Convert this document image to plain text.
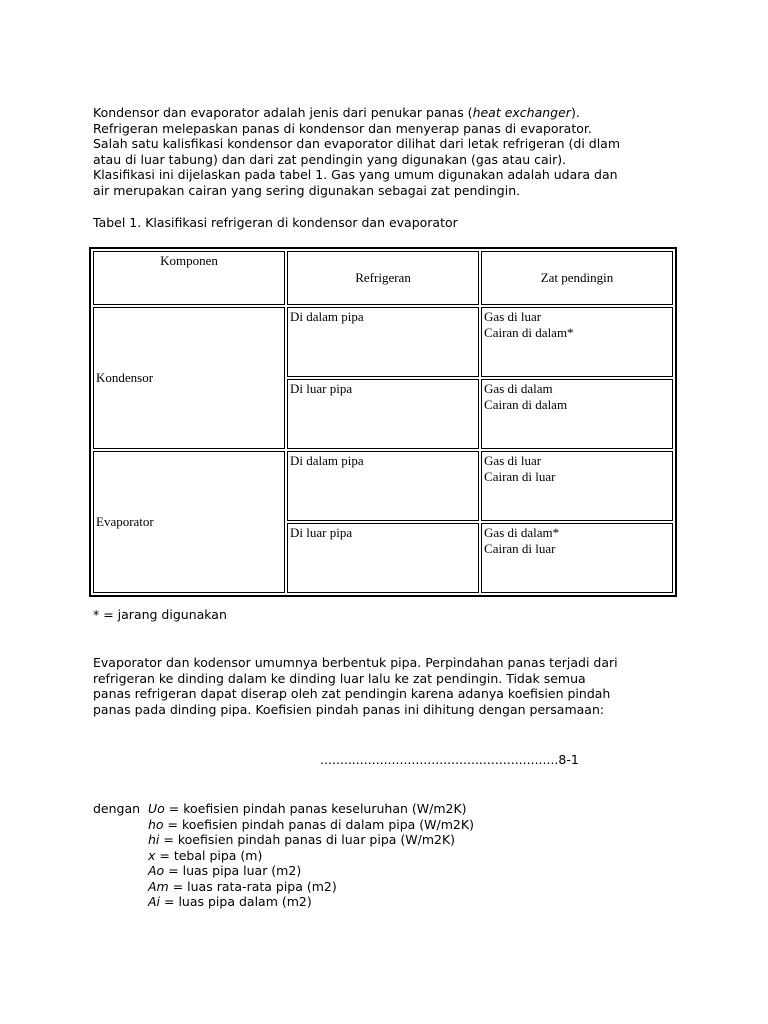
Kondensor dan evaporator adalah jenis dari penukar panas (heat exchanger).
Refrigeran melepaskan panas di kondensor dan menyerap panas di evaporator.
Salah satu kalisfikasi kondensor dan evaporator dilihat dari letak refrigeran (di dlam
atau di luar tabung) dan dari zat pendingin yang digunakan (gas atau cair).
Klasifikasi ini dijelaskan pada tabel 1. Gas yang umum digunakan adalah udara dan
air merupakan cairan yang sering digunakan sebagai zat pendingin.
Tabel 1. Klasifikasi refrigeran di kondensor dan evaporator
Komponen	Refrigeran	Zat pendingin
Kondensor	Di dalam pipa	Gas di luar
Cairan di dalam*

	Di luar pipa	Gas di dalam
Cairan di dalam

Evaporator	Di dalam pipa	Gas di luar
Cairan di luar

	Di luar pipa	Gas di dalam*
Cairan di luar
* = jarang digunakan
Evaporator dan kodensor umumnya berbentuk pipa. Perpindahan panas terjadi dari
refrigeran ke dinding dalam ke dinding luar lalu ke zat pendingin. Tidak semua
panas refrigeran dapat diserap oleh zat pendingin karena adanya koefisien pindah
panas pada dinding pipa. Koefisien pindah panas ini dihitung dengan persamaan:
............................................................8-1
dengan Uo = koefisien pindah panas keseluruhan (W/m2K)
ho = koefisien pindah panas di dalam pipa (W/m2K)
hi = koefisien pindah panas di luar pipa (W/m2K)
x = tebal pipa (m)
Ao = luas pipa luar (m2)
Am = luas rata-rata pipa (m2)
Ai = luas pipa dalam (m2)
